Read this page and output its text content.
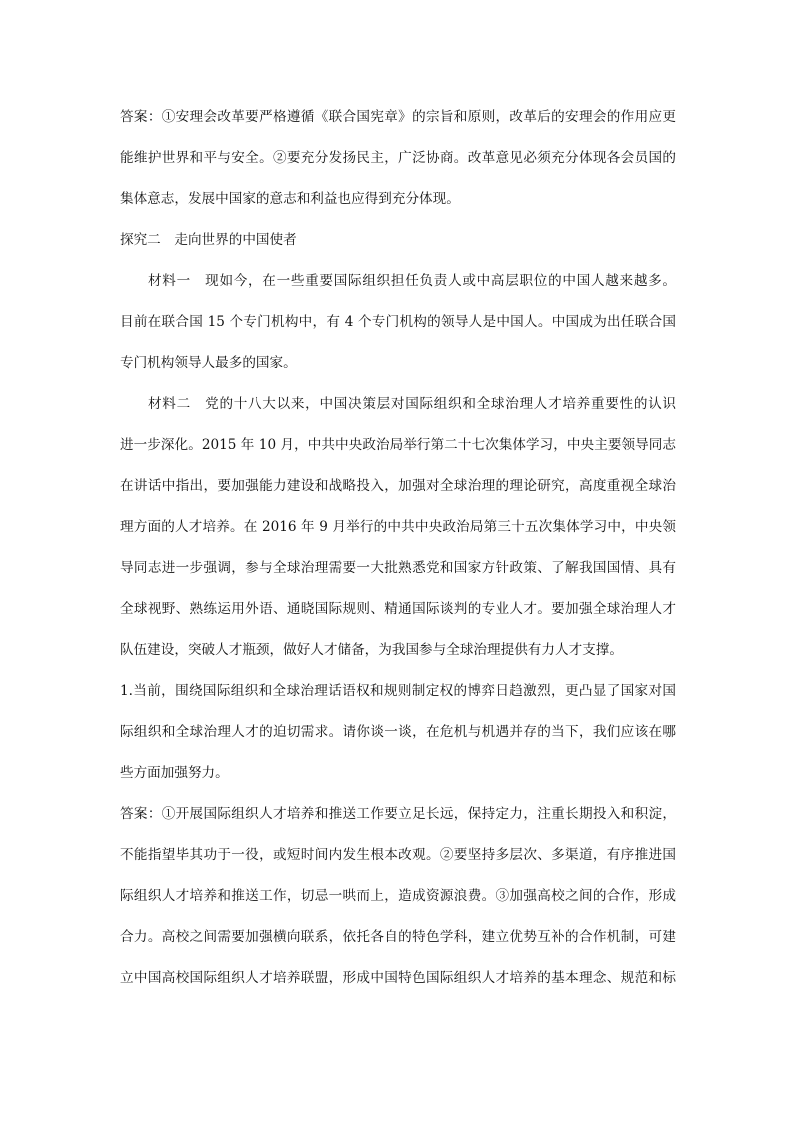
答案：①安理会改革要严格遵循《联合国宪章》的宗旨和原则，改革后的安理会的作用应更
能维护世界和平与安全。②要充分发扬民主，广泛协商。改革意见必须充分体现各会员国的
集体意志，发展中国家的意志和利益也应得到充分体现。
探究二　走向世界的中国使者
材料一　现如今，在一些重要国际组织担任负责人或中高层职位的中国人越来越多。
目前在联合国 15 个专门机构中，有 4 个专门机构的领导人是中国人。中国成为出任联合国
专门机构领导人最多的国家。
材料二　党的十八大以来，中国决策层对国际组织和全球治理人才培养重要性的认识
进一步深化。2015 年 10 月，中共中央政治局举行第二十七次集体学习，中央主要领导同志
在讲话中指出，要加强能力建设和战略投入，加强对全球治理的理论研究，高度重视全球治
理方面的人才培养。在 2016 年 9 月举行的中共中央政治局第三十五次集体学习中，中央领
导同志进一步强调，参与全球治理需要一大批熟悉党和国家方针政策、了解我国国情、具有
全球视野、熟练运用外语、通晓国际规则、精通国际谈判的专业人才。要加强全球治理人才
队伍建设，突破人才瓶颈，做好人才储备，为我国参与全球治理提供有力人才支撑。
1.当前，围绕国际组织和全球治理话语权和规则制定权的博弈日趋激烈，更凸显了国家对国
际组织和全球治理人才的迫切需求。请你谈一谈，在危机与机遇并存的当下，我们应该在哪
些方面加强努力。
答案：①开展国际组织人才培养和推送工作要立足长远，保持定力，注重长期投入和积淀，
不能指望毕其功于一役，或短时间内发生根本改观。②要坚持多层次、多渠道，有序推进国
际组织人才培养和推送工作，切忌一哄而上，造成资源浪费。③加强高校之间的合作，形成
合力。高校之间需要加强横向联系，依托各自的特色学科，建立优势互补的合作机制，可建
立中国高校国际组织人才培养联盟，形成中国特色国际组织人才培养的基本理念、规范和标
